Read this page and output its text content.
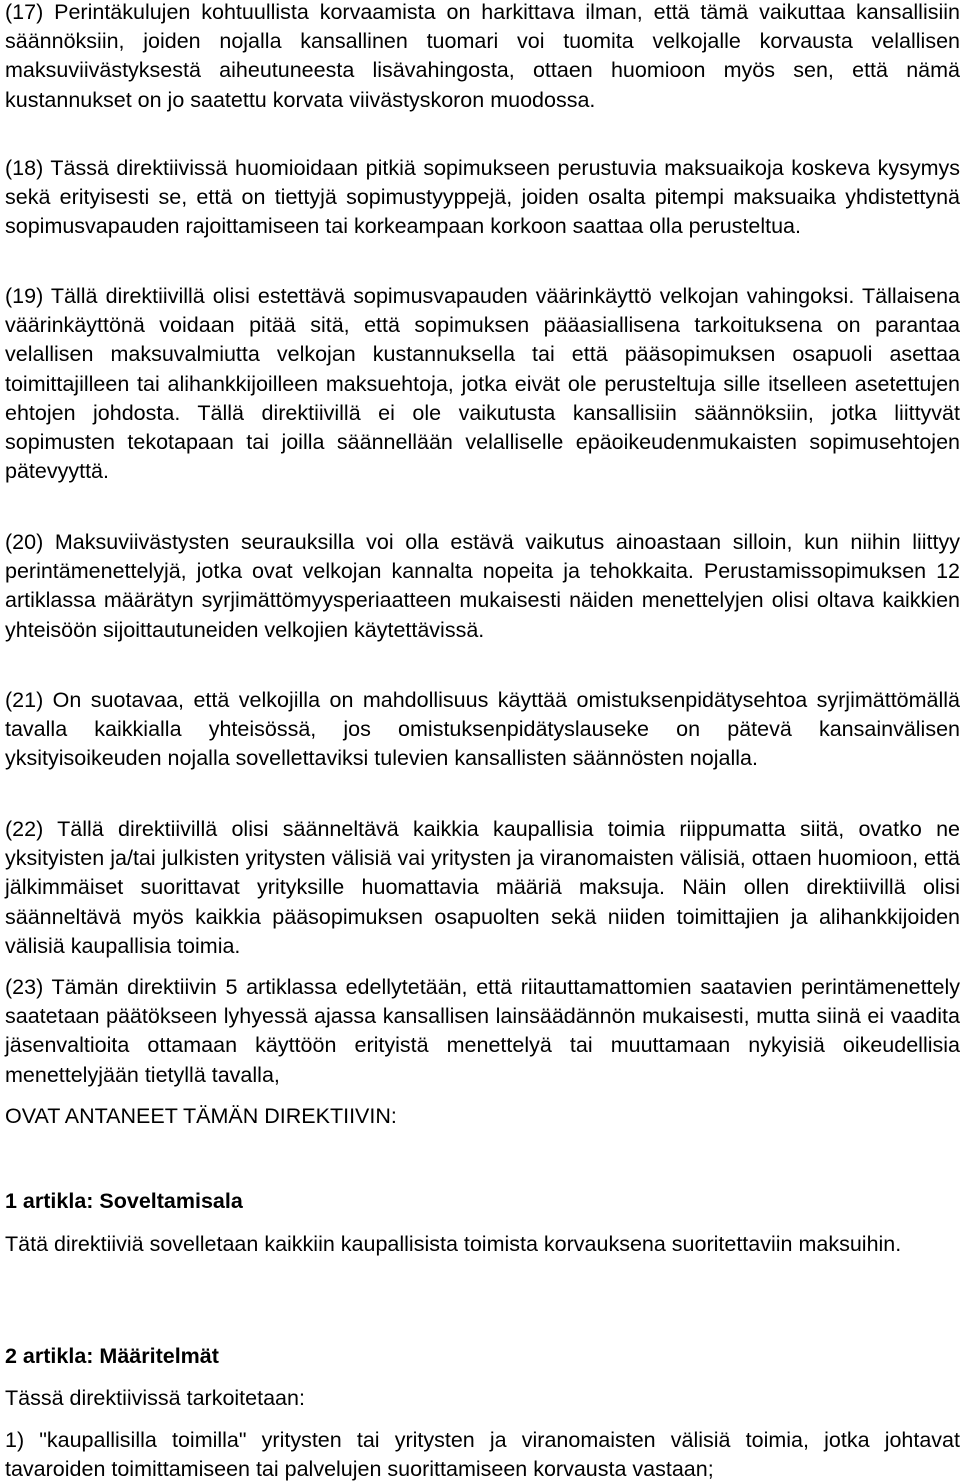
(17) Perintäkulujen kohtuullista korvaamista on harkittava ilman, että tämä vaikuttaa kansallisiin säännöksiin, joiden nojalla kansallinen tuomari voi tuomita velkojalle korvausta velallisen maksuviivästyksestä aiheutuneesta lisävahingosta, ottaen huomioon myös sen, että nämä kustannukset on jo saatettu korvata viivästyskoron muodossa.

(18) Tässä direktiivissä huomioidaan pitkiä sopimukseen perustuvia maksuaikoja koskeva kysymys sekä erityisesti se, että on tiettyjä sopimustyyppejä, joiden osalta pitempi maksuaika yhdistettynä sopimusvapauden rajoittamiseen tai korkeampaan korkoon saattaa olla perusteltua.

(19) Tällä direktiivillä olisi estettävä sopimusvapauden väärinkäyttö velkojan vahingoksi. Tällaisena väärinkäyttönä voidaan pitää sitä, että sopimuksen pääasiallisena tarkoituksena on parantaa velallisen maksuvalmiutta velkojan kustannuksella tai että pääsopimuksen osapuoli asettaa toimittajilleen tai alihankkijoilleen maksuehtoja, jotka eivät ole perusteltuja sille itselleen asetettujen ehtojen johdosta. Tällä direktiivillä ei ole vaikutusta kansallisiin säännöksiin, jotka liittyvät sopimusten tekotapaan tai joilla säännellään velalliselle epäoikeudenmukaisten sopimusehtojen pätevyyttä.

(20) Maksuviivästysten seurauksilla voi olla estävä vaikutus ainoastaan silloin, kun niihin liittyy perintämenettelyjä, jotka ovat velkojan kannalta nopeita ja tehokkaita. Perustamissopimuksen 12 artiklassa määrätyn syrjimättömyysperiaatteen mukaisesti näiden menettelyjen olisi oltava kaikkien yhteisöön sijoittautuneiden velkojien käytettävissä.

(21) On suotavaa, että velkojilla on mahdollisuus käyttää omistuksenpidätysehtoa syrjimättömällä tavalla kaikkialla yhteisössä, jos omistuksenpidätyslauseke on pätevä kansainvälisen yksityisoikeuden nojalla sovellettaviksi tulevien kansallisten säännösten nojalla.

(22) Tällä direktiivillä olisi säänneltävä kaikkia kaupallisia toimia riippumatta siitä, ovatko ne yksityisten ja/tai julkisten yritysten välisiä vai yritysten ja viranomaisten välisiä, ottaen huomioon, että jälkimmäiset suorittavat yrityksille huomattavia määriä maksuja. Näin ollen direktiivillä olisi säänneltävä myös kaikkia pääsopimuksen osapuolten sekä niiden toimittajien ja alihankkijoiden välisiä kaupallisia toimia.

(23) Tämän direktiivin 5 artiklassa edellytetään, että riitauttamattomien saatavien perintämenettely saatetaan päätökseen lyhyessä ajassa kansallisen lainsäädännön mukaisesti, mutta siinä ei vaadita jäsenvaltioita ottamaan käyttöön erityistä menettelyä tai muuttamaan nykyisiä oikeudellisia menettelyjään tietyllä tavalla,

OVAT ANTANEET TÄMÄN DIREKTIIVIN:

1 artikla: Soveltamisala

Tätä direktiiviä sovelletaan kaikkiin kaupallisista toimista korvauksena suoritettaviin maksuihin.

2 artikla: Määritelmät

Tässä direktiivissä tarkoitetaan:

1) "kaupallisilla toimilla" yritysten tai yritysten ja viranomaisten välisiä toimia, jotka johtavat tavaroiden toimittamiseen tai palvelujen suorittamiseen korvausta vastaan;
